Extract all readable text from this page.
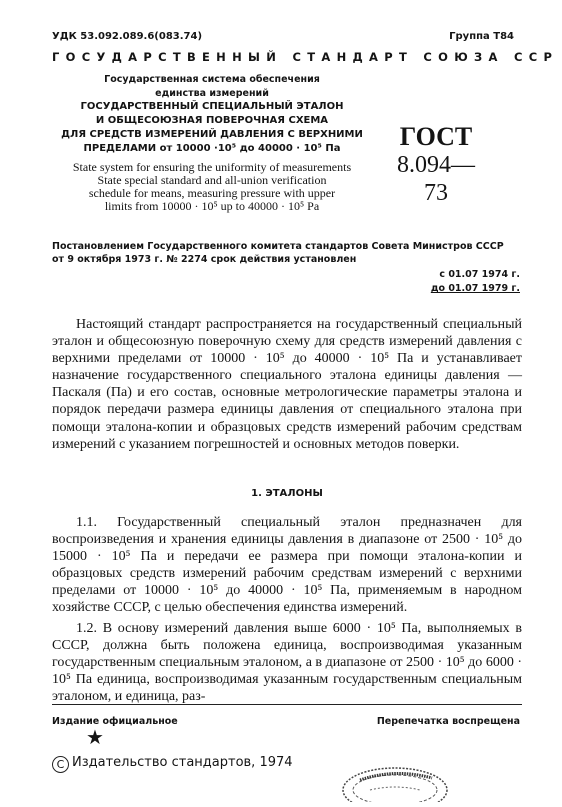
УДК 53.092.089.6(083.74)	Группа Т84
ГОСУДАРСТВЕННЫЙ СТАНДАРТ СОЮЗА ССР
Государственная система обеспечения
единства измерений
ГОСУДАРСТВЕННЫЙ СПЕЦИАЛЬНЫЙ ЭТАЛОН
И ОБЩЕСОЮЗНАЯ ПОВЕРОЧНАЯ СХЕМА
ДЛЯ СРЕДСТВ ИЗМЕРЕНИЙ ДАВЛЕНИЯ С ВЕРХНИМИ
ПРЕДЕЛАМИ от 10000 ·10⁵ до 40000 · 10⁵ Па
State system for ensuring the uniformity of measurements
State special standard and all-union verification
schedule for means, measuring pressure with upper
limits from 10000 · 10⁵ up to 40000 · 10⁵ Pa
ГОСТ
8.094—73
Постановлением Государственного комитета стандартов Совета Министров СССР
от 9 октября 1973 г. № 2274 срок действия установлен
с 01.07 1974 г.
до 01.07 1979 г.

Настоящий стандарт распространяется на государственный специальный эталон и общесоюзную поверочную схему для средств измерений давления с верхними пределами от 10000 · 10⁵ до 40000 · 10⁵ Па и устанавливает назначение государственного специального эталона единицы давления — Паскаля (Па) и его состав, основные метрологические параметры эталона и порядок передачи размера единицы давления от специального эталона при помощи эталона-копии и образцовых средств измерений рабочим средствам измерений с указанием погрешностей и основных методов поверки.

1. ЭТАЛОНЫ

1.1. Государственный специальный эталон предназначен для воспроизведения и хранения единицы давления в диапазоне от 2500 · 10⁵ до 15000 · 10⁵ Па и передачи ее размера при помощи эталона-копии и образцовых средств измерений рабочим средствам измерений с верхними пределами от 10000 · 10⁵ до 40000 · 10⁵ Па, применяемым в народном хозяйстве СССР, с целью обеспечения единства измерений.

1.2. В основу измерений давления выше 6000 · 10⁵ Па, выполняемых в СССР, должна быть положена единица, воспроизводимая указанным государственным специальным эталоном, а в диапазоне от 2500 · 10⁵ до 6000 · 10⁵ Па единица, воспроизводимая указанным государственным специальным эталоном, и единица, раз-

Издание официальное	Перепечатка воспрещена
★
C Издательство стандартов, 1974
